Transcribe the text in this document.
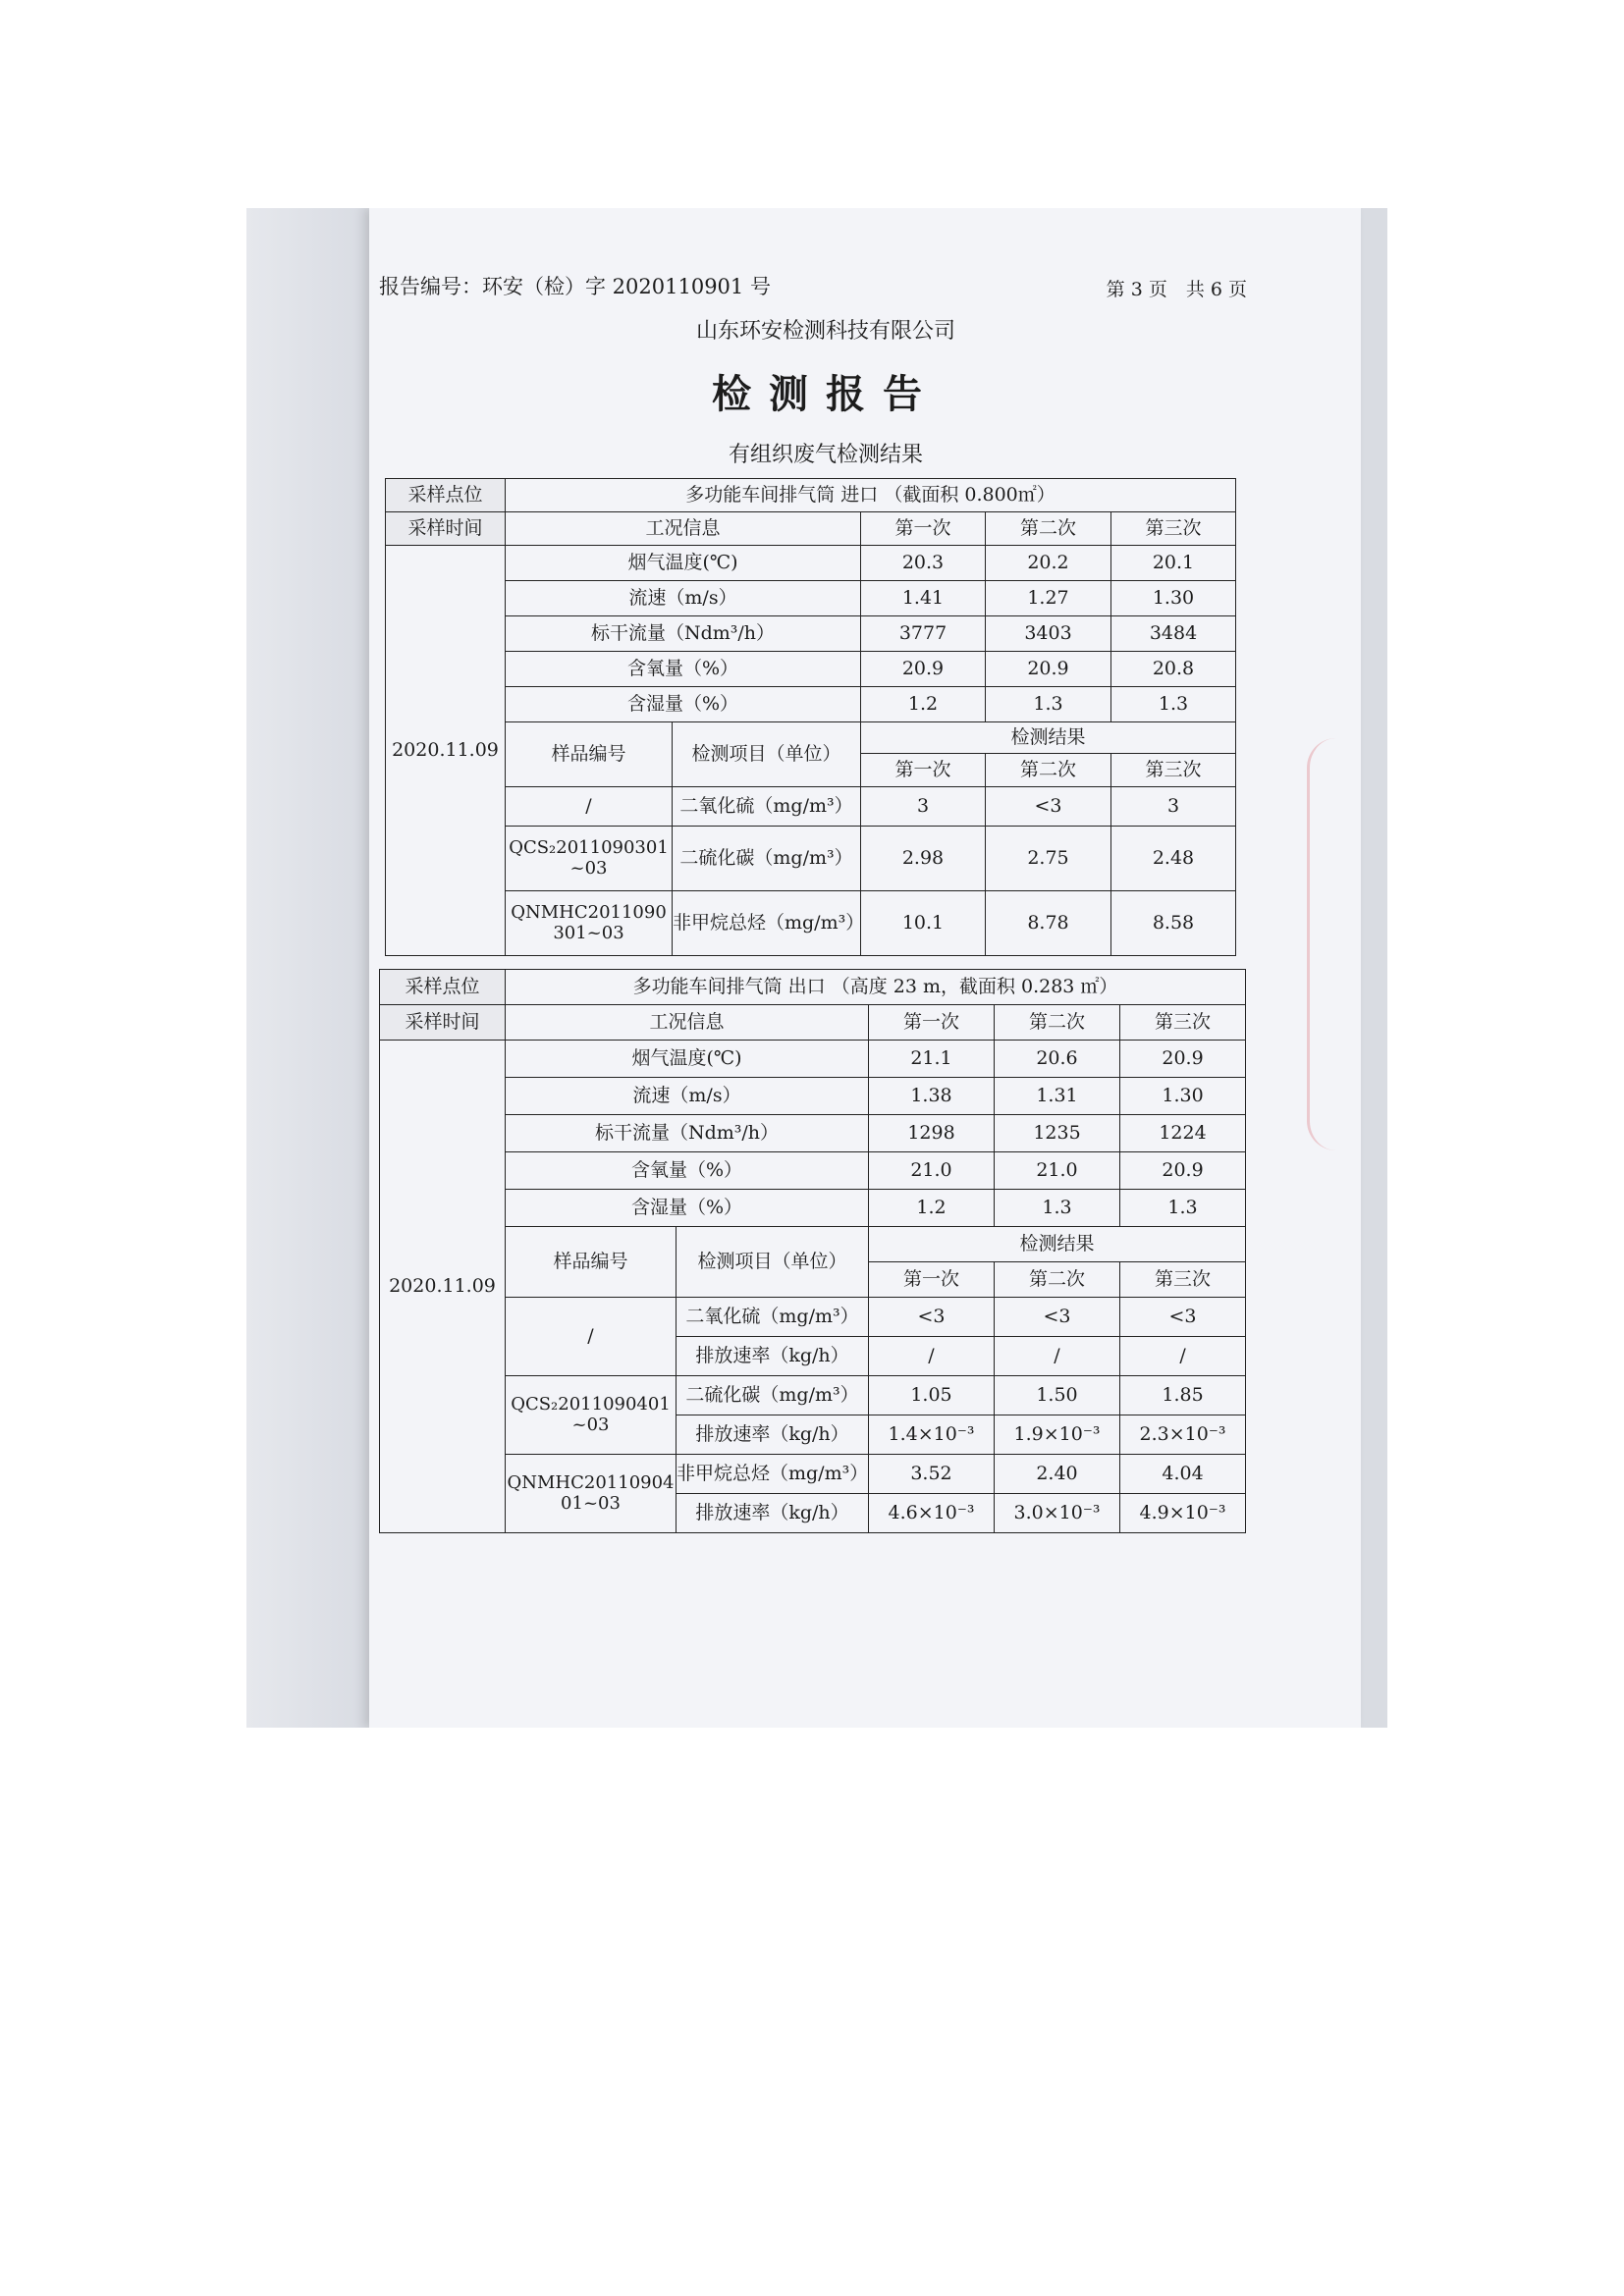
报告编号：环安（检）字 2020110901 号	第 3 页　共 6 页
山东环安检测科技有限公司
检测报告
有组织废气检测结果
采样点位	多功能车间排气筒 进口 （截面积 0.800㎡）				
采样时间	工况信息		第一次	第二次	第三次
2020.11.09	烟气温度(℃)		20.3	20.2	20.1
	流速（m/s）		1.41	1.27	1.30
	标干流量（Ndm³/h）		3777	3403	3484
	含氧量（%）		20.9	20.9	20.8
	含湿量（%）		1.2	1.3	1.3
	样品编号	检测项目（单位）	检测结果		
			第一次	第二次	第三次
	/	二氧化硫（mg/m³）	3	<3	3
	QCS₂2011090301~03	二硫化碳（mg/m³）	2.98	2.75	2.48
	QNMHC2011090301~03	非甲烷总烃（mg/m³）	10.1	8.78	8.58
采样点位	多功能车间排气筒 出口 （高度 23 m，截面积 0.283 ㎡）				
采样时间	工况信息		第一次	第二次	第三次
2020.11.09	烟气温度(℃)		21.1	20.6	20.9
	流速（m/s）		1.38	1.31	1.30
	标干流量（Ndm³/h）		1298	1235	1224
	含氧量（%）		21.0	21.0	20.9
	含湿量（%）		1.2	1.3	1.3
	样品编号	检测项目（单位）	检测结果		
			第一次	第二次	第三次
	/	二氧化硫（mg/m³）	<3	<3	<3
		排放速率（kg/h）	/	/	/
	QCS₂2011090401~03	二硫化碳（mg/m³）	1.05	1.50	1.85
		排放速率（kg/h）	1.4×10⁻³	1.9×10⁻³	2.3×10⁻³
	QNMHC2011090401~03	非甲烷总烃（mg/m³）	3.52	2.40	4.04
		排放速率（kg/h）	4.6×10⁻³	3.0×10⁻³	4.9×10⁻³
